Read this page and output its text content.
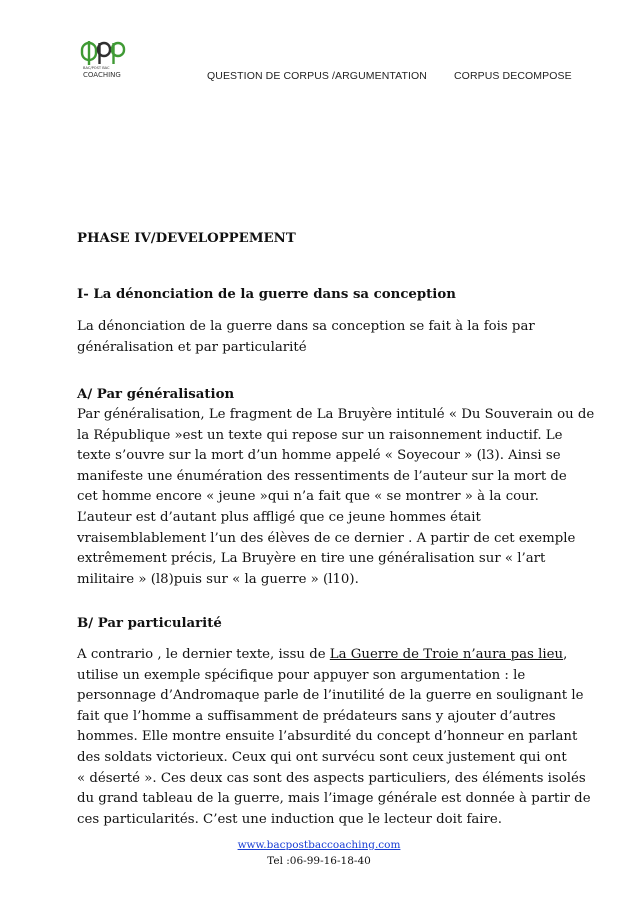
BAC/POST BAC
COACHING	QUESTION DE CORPUS /ARGUMENTATION	CORPUS DECOMPOSE
PHASE IV/DEVELOPPEMENT
I- La dénonciation de la guerre dans sa conception
La dénonciation de la guerre dans sa conception se fait à la fois par
généralisation et par particularité
A/ Par généralisation
Par généralisation, Le fragment de La Bruyère intitulé « Du Souverain ou de
la République »est un texte qui repose sur un raisonnement inductif. Le
texte s’ouvre sur la mort d’un homme appelé « Soyecour » (l3). Ainsi se
manifeste une énumération des ressentiments de l’auteur sur la mort de
cet homme encore « jeune »qui n’a fait que « se montrer » à la cour.
L’auteur est d’autant plus affligé que ce jeune hommes était
vraisemblablement l’un des élèves de ce dernier . A partir de cet exemple
extrêmement précis, La Bruyère en tire une généralisation sur « l’art
militaire » (l8)puis sur « la guerre » (l10).
B/ Par particularité
A contrario , le dernier texte, issu de La Guerre de Troie n’aura pas lieu,
utilise un exemple spécifique pour appuyer son argumentation : le
personnage d’Andromaque parle de l’inutilité de la guerre en soulignant le
fait que l’homme a suffisamment de prédateurs sans y ajouter d’autres
hommes. Elle montre ensuite l’absurdité du concept d’honneur en parlant
des soldats victorieux. Ceux qui ont survécu sont ceux justement qui ont
« déserté ». Ces deux cas sont des aspects particuliers, des éléments isolés
du grand tableau de la guerre, mais l’image générale est donnée à partir de
ces particularités. C’est une induction que le lecteur doit faire.
www.bacpostbaccoaching.com
Tel :06-99-16-18-40
